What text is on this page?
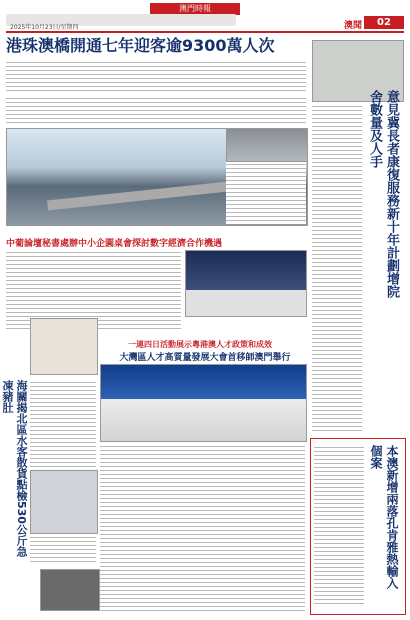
澳門時報
2025年10月23日/星期四	澳聞	02
港珠澳橋開通七年迎客逾9300萬人次
中葡論壇秘書處辦中小企圓桌會探討數字經濟合作機遇
海關揭北區水客散貨點檢530公斤急凍豬肚
一連四日活動展示粵港澳人才政策和成效
大灣區人才高質量發展大會首移師澳門舉行
意見冀長者康復服務新十年計劃增院舍數量及人手
本澳新增兩落孔肯雅熱輸入個案
